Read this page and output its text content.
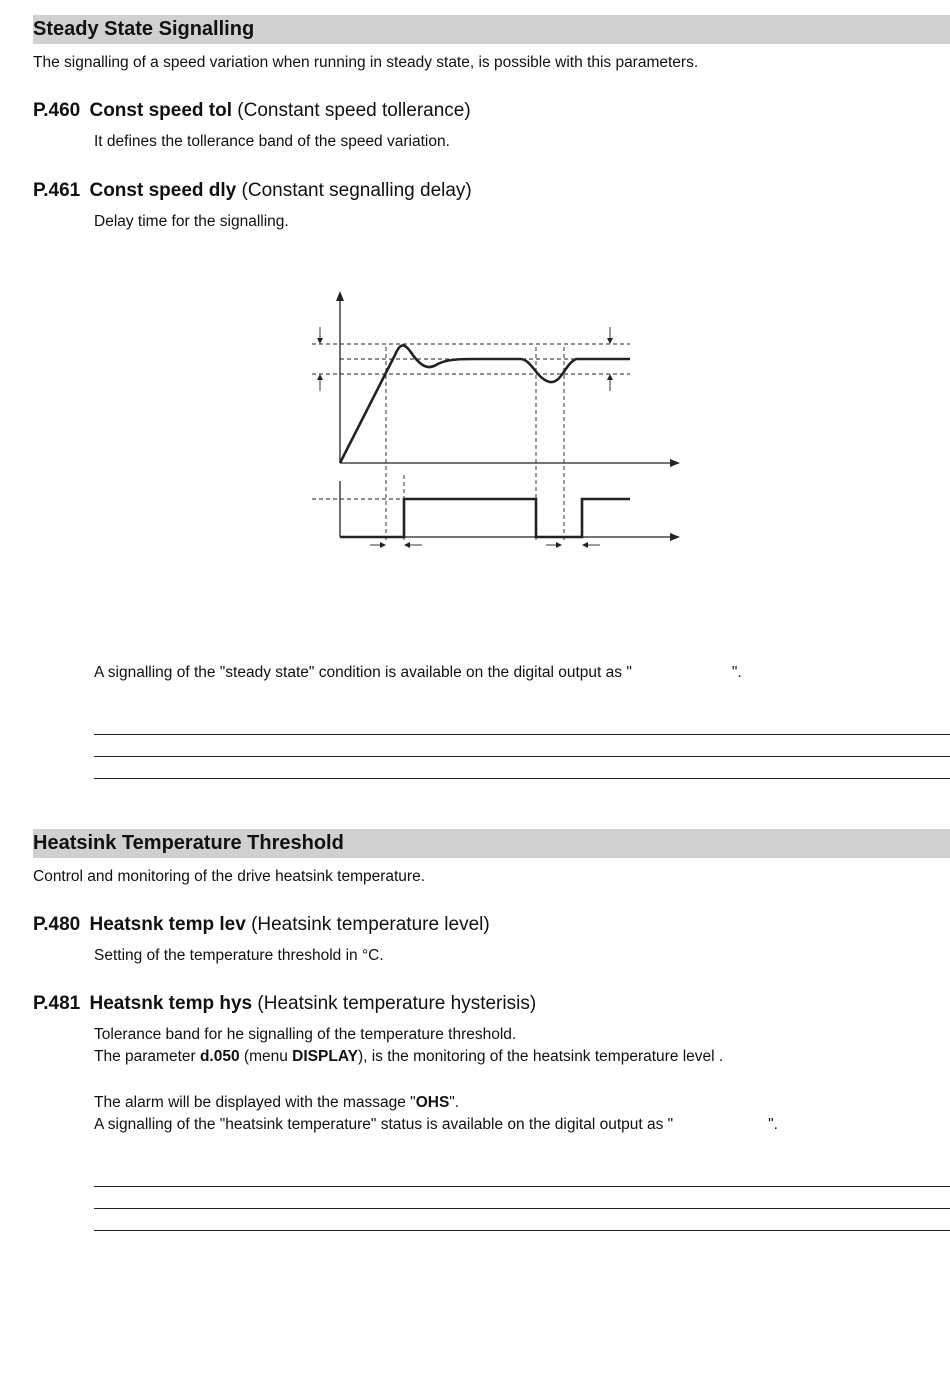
Steady State Signalling
The signalling of a speed variation when running in steady state, is possible with this parameters.
P.460 Const speed tol (Constant speed tollerance)
It defines the tollerance band of the speed variation.
P.461 Const speed dly (Constant segnalling delay)
Delay time for the signalling.
A signalling of the "steady state" condition is available on the digital output as "	".
Heatsink Temperature Threshold
Control and monitoring of the drive heatsink temperature.
P.480 Heatsnk temp lev (Heatsink temperature level)
Setting of the temperature threshold in °C.
P.481 Heatsnk temp hys (Heatsink temperature hysterisis)
Tolerance band for he signalling of the temperature threshold.
The parameter d.050 (menu DISPLAY), is the monitoring of the heatsink temperature level .
The alarm will be displayed with the massage "OHS".
A signalling of the "heatsink temperature" status is available on the digital output as "	".
